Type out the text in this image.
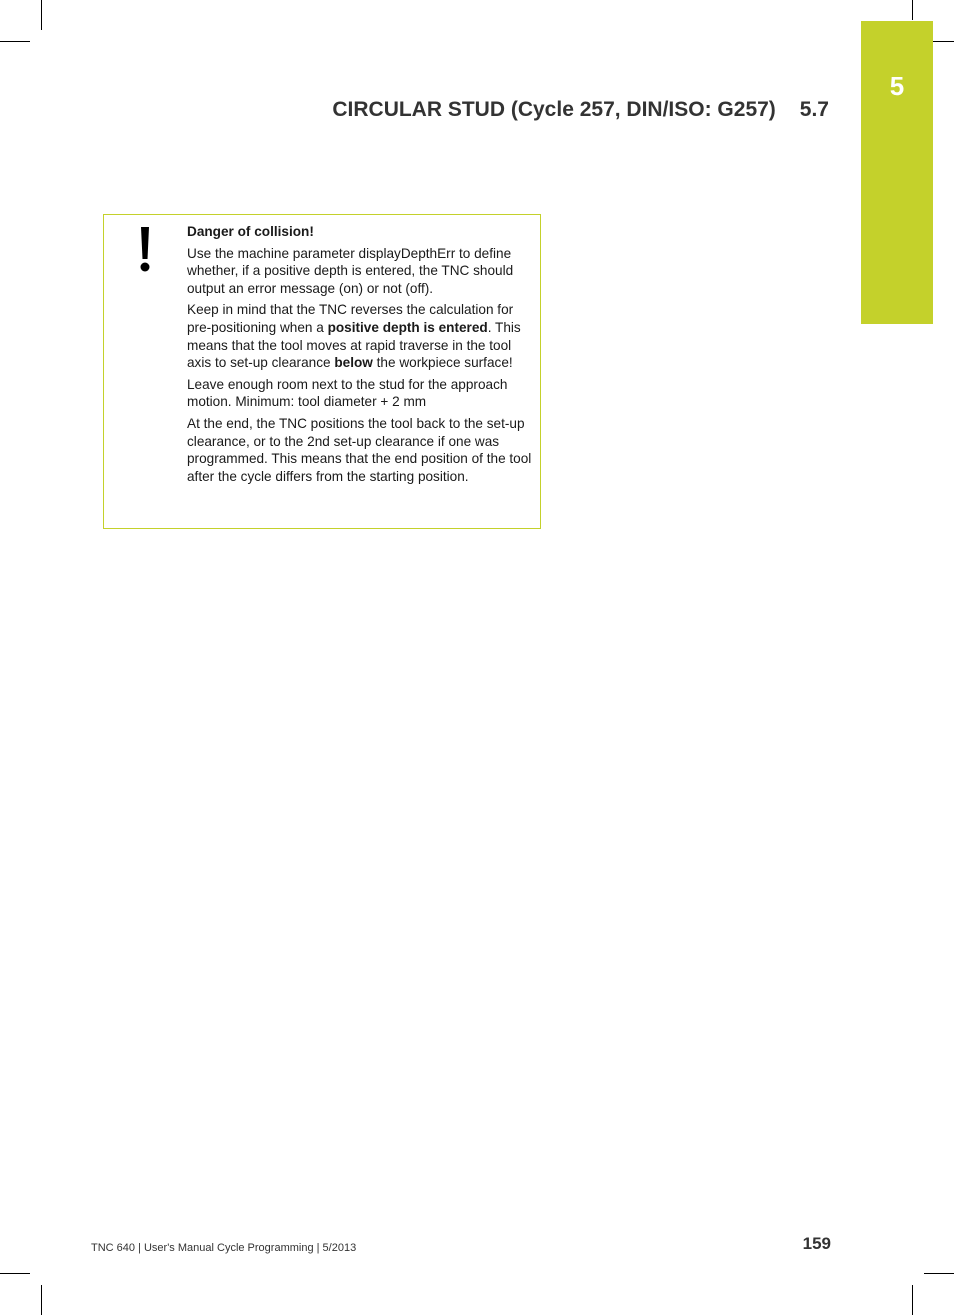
5
CIRCULAR STUD (Cycle 257, DIN/ISO: G257) 5.7

Danger of collision!

Use the machine parameter displayDepthErr to define whether, if a positive depth is entered, the TNC should output an error message (on) or not (off).

Keep in mind that the TNC reverses the calculation for pre-positioning when a positive depth is entered. This means that the tool moves at rapid traverse in the tool axis to set-up clearance below the workpiece surface!

Leave enough room next to the stud for the approach motion. Minimum: tool diameter + 2 mm

At the end, the TNC positions the tool back to the set-up clearance, or to the 2nd set-up clearance if one was programmed. This means that the end position of the tool after the cycle differs from the starting position.

TNC 640 | User's Manual Cycle Programming | 5/2013	159
